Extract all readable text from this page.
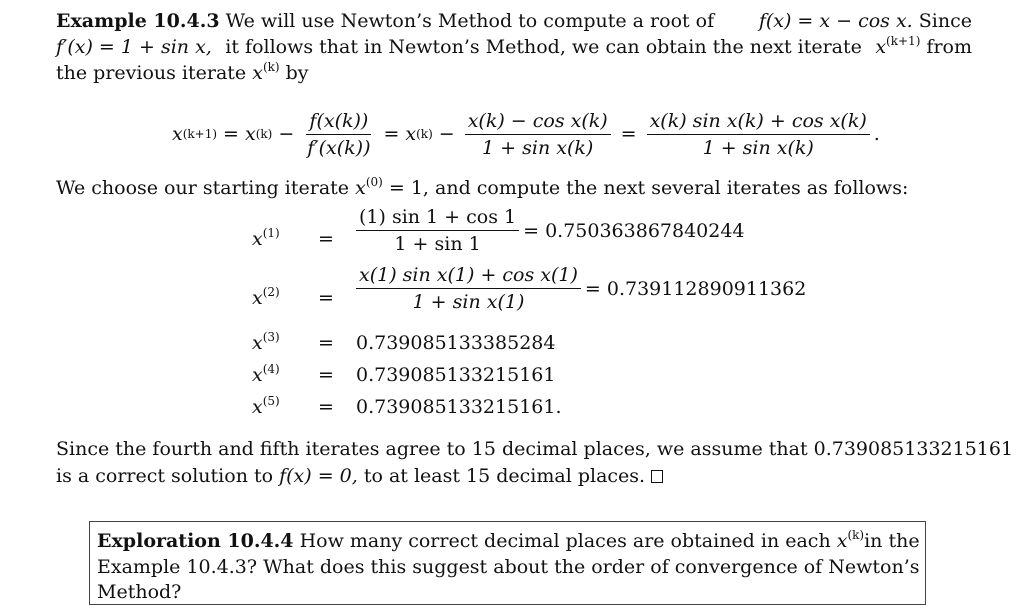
Example 10.4.3 We will use Newton’s Method to compute a root of f(x) = x − cos x. Since
f′(x) = 1 + sin x, it follows that in Newton’s Method, we can obtain the next iterate $x^{(k+1)}$ from
the previous iterate $x^{(k)}$ by
x (k+1) = x $(k) - \frac{f(x(k))}{f'(x(k))} = x$ $(k) - \frac{\text{x(k) − cos x(k)}}{\text{1 + sin x(k)}} = \frac{\text{x(k) sin x(k) + cos x(k)}}{\text{1 + sin x(k)}}$ .
We choose our starting iterate $x^{(0)} = 1$, and compute the next several iterates as follows:
$x^{(1)}$	= $\frac{(1) \sin 1 + \cos 1}{1 + \sin 1} = 0.750363867840244$
$x^{(2)}$	= $\frac{\text{x(1) sin x(1) + cos x(1)}}{\text{1 + sin x(1)}} = 0.739112890911362$
$x^{(3)}$	= 0.739085133385284
$x^{(4)}$	= 0.739085133215161
$x^{(5)}$	= 0.739085133215161.
Since the fourth and fifth iterates agree to 15 decimal places, we assume that 0.739085133215161
is a correct solution to f(x) = 0, to at least 15 decimal places.
Exploration 10.4.4 How many correct decimal places are obtained in each $x^{(k)}$ in the
Example 10.4.3? What does this suggest about the order of convergence of Newton’s
Method?
